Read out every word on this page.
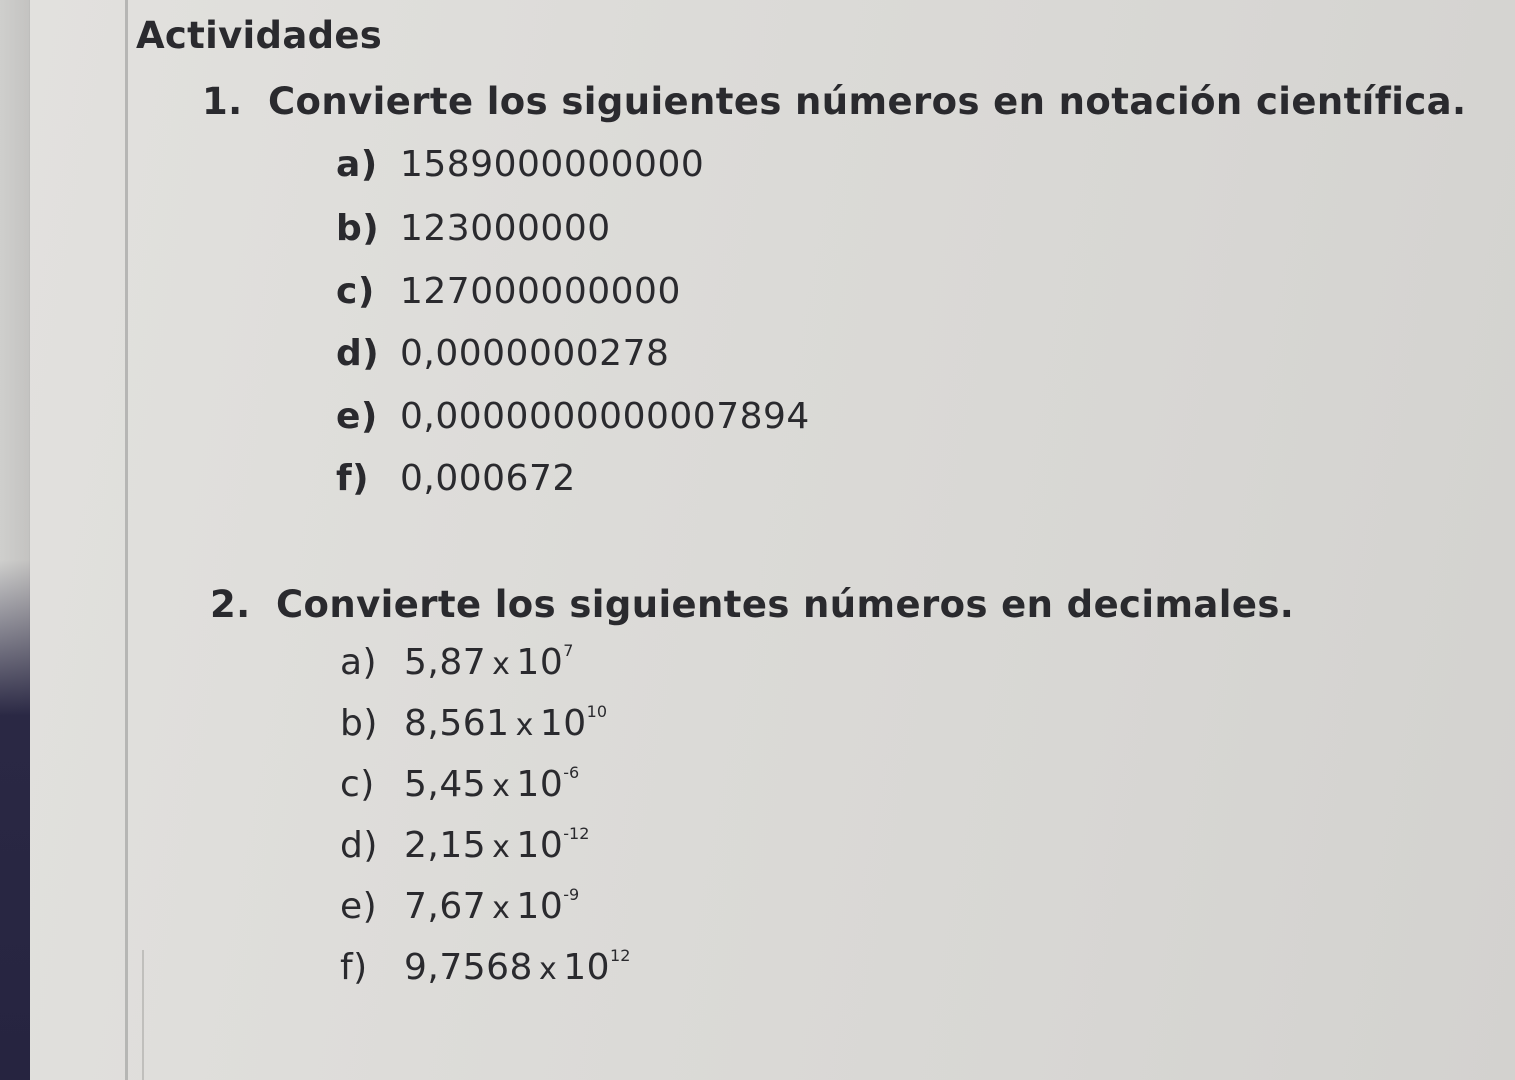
Actividades
1. Convierte los siguientes números en notación científica.
a) 1589000000000
b) 123000000
c) 127000000000
d) 0,0000000278
e) 0,0000000000007894
f) 0,000672
2. Convierte los siguientes números en decimales.
a) 5,87 x $10^7$
b) 8,561 x $10^{10}$
c) 5,45 x $10^{-6}$
d) 2,15 x $10^{-12}$
e) 7,67 x $10^{-9}$
f) 9,7568 x $10^{12}$
